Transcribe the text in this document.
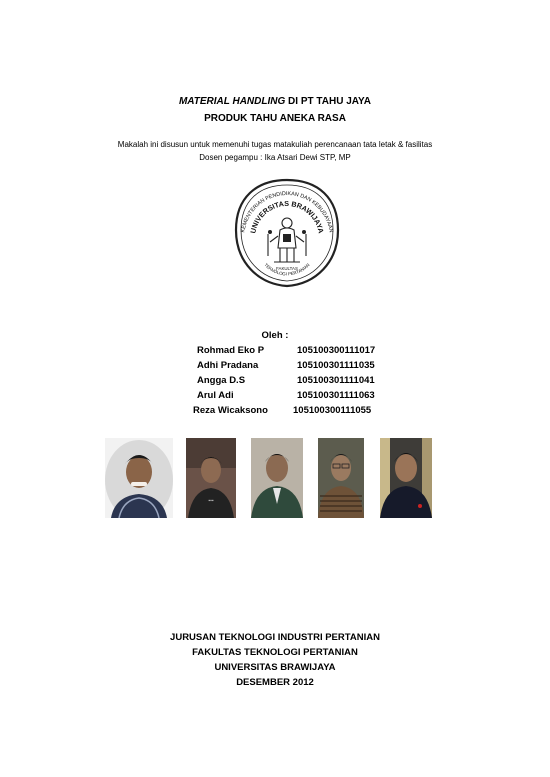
MATERIAL HANDLING DI PT TAHU JAYA
PRODUK TAHU ANEKA RASA
Makalah ini disusun untuk memenuhi tugas matakuliah perencanaan tata letak & fasilitas
Dosen pegampu : Ika Atsari Dewi STP, MP
KEMENTERIAN PENDIDIKAN DAN KEBUDAYAAN
UNIVERSITAS BRAWIJAYA
FAKULTAS
TEKNOLOGI PERTANIAN
Oleh :
Rohmad Eko P	105100300111017
Adhi Pradana	105100301111035
Angga D.S	105100301111041
Arul Adi	105100301111063
Reza Wicaksono	105100300111055
▪▪▪
JURUSAN TEKNOLOGI INDUSTRI PERTANIAN
FAKULTAS TEKNOLOGI PERTANIAN
UNIVERSITAS BRAWIJAYA
DESEMBER 2012
